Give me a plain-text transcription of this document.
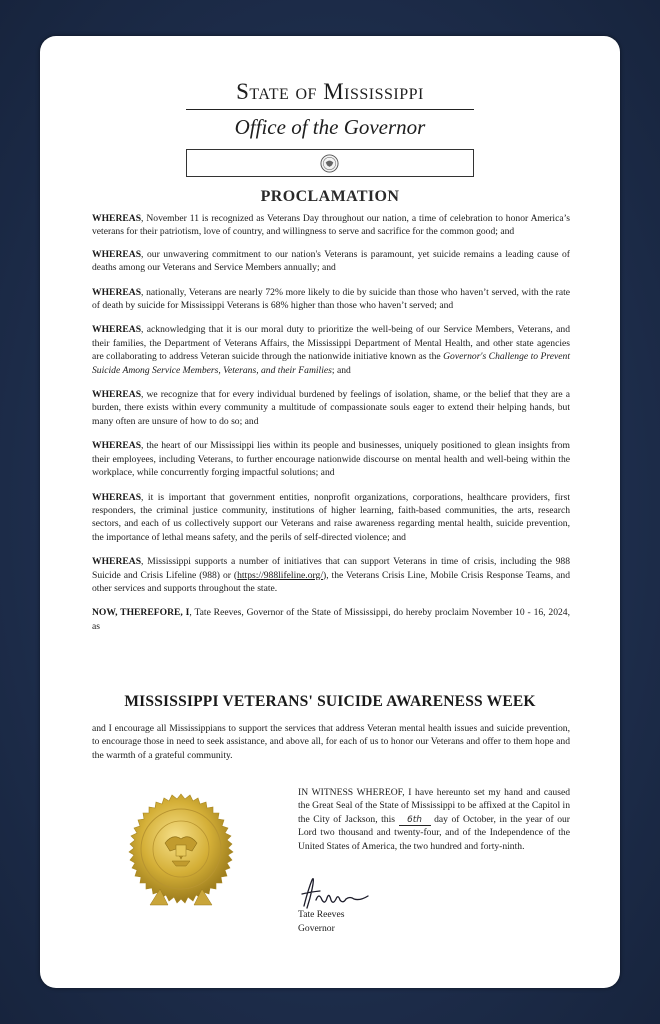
State of Mississippi
Office of the Governor
PROCLAMATION

WHEREAS, November 11 is recognized as Veterans Day throughout our nation, a time of celebration to honor America’s veterans for their patriotism, love of country, and willingness to serve and sacrifice for the common good; and

WHEREAS, our unwavering commitment to our nation's Veterans is paramount, yet suicide remains a leading cause of deaths among our Veterans and Service Members annually; and

WHEREAS, nationally, Veterans are nearly 72% more likely to die by suicide than those who haven’t served, with the rate of death by suicide for Mississippi Veterans is 68% higher than those who haven’t served; and

WHEREAS, acknowledging that it is our moral duty to prioritize the well-being of our Service Members, Veterans, and their families, the Department of Veterans Affairs, the Mississippi Department of Mental Health, and other state agencies are collaborating to address Veteran suicide through the nationwide initiative known as the Governor's Challenge to Prevent Suicide Among Service Members, Veterans, and their Families; and

WHEREAS, we recognize that for every individual burdened by feelings of isolation, shame, or the belief that they are a burden, there exists within every community a multitude of compassionate souls eager to extend their helping hands, but many often are unsure of how to do so; and

WHEREAS, the heart of our Mississippi lies within its people and businesses, uniquely positioned to glean insights from their employees, including Veterans, to further encourage nationwide discourse on mental health and well-being within the workplace, while concurrently forging impactful solutions; and

WHEREAS, it is important that government entities, nonprofit organizations, corporations, healthcare providers, first responders, the criminal justice community, institutions of higher learning, faith-based communities, the arts, research sectors, and each of us collectively support our Veterans and raise awareness regarding mental health, suicide prevention, the importance of lethal means safety, and the perils of self-directed violence; and

WHEREAS, Mississippi supports a number of initiatives that can support Veterans in time of crisis, including the 988 Suicide and Crisis Lifeline (988) or (https://988lifeline.org/), the Veterans Crisis Line, Mobile Crisis Response Teams, and other services and supports throughout the state.

NOW, THEREFORE, I, Tate Reeves, Governor of the State of Mississippi, do hereby proclaim November 10 - 16, 2024, as

MISSISSIPPI VETERANS' SUICIDE AWARENESS WEEK
and I encourage all Mississippians to support the services that address Veteran mental health issues and suicide prevention, to encourage those in need to seek assistance, and above all, for each of us to honor our Veterans and offer to them hope and the warmth of a grateful community.
IN WITNESS WHEREOF, I have hereunto set my hand and caused the Great Seal of the State of Mississippi to be affixed at the Capitol in the City of Jackson, this 6th day of October, in the year of our Lord two thousand and twenty-four, and of the Independence of the United States of America, the two hundred and forty-ninth.
Tate Reeves
Governor
